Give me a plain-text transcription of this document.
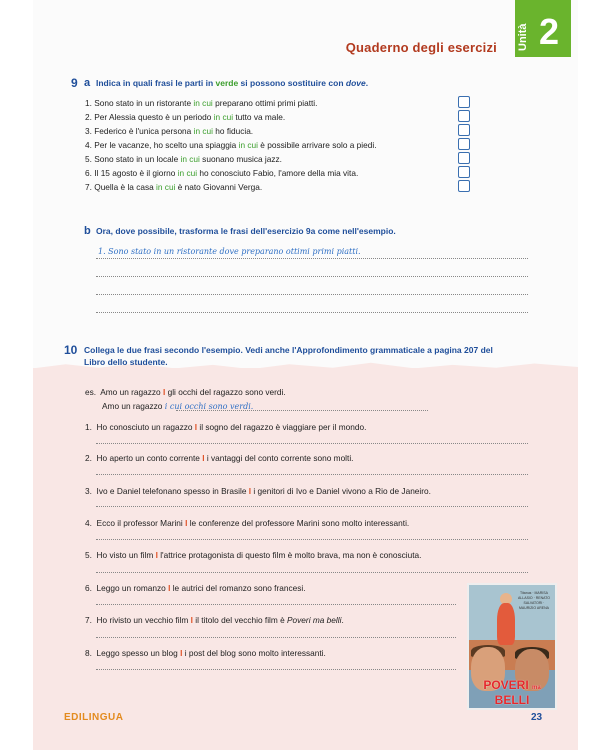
Quaderno degli esercizi Unità 2
9 a Indica in quali frasi le parti in verde si possono sostituire con dove.
1. Sono stato in un ristorante in cui preparano ottimi primi piatti.
2. Per Alessia questo è un periodo in cui tutto va male.
3. Federico è l'unica persona in cui ho fiducia.
4. Per le vacanze, ho scelto una spiaggia in cui è possibile arrivare solo a piedi.
5. Sono stato in un locale in cui suonano musica jazz.
6. Il 15 agosto è il giorno in cui ho conosciuto Fabio, l'amore della mia vita.
7. Quella è la casa in cui è nato Giovanni Verga.
b Ora, dove possibile, trasforma le frasi dell'esercizio 9a come nell'esempio.
1. Sono stato in un ristorante dove preparano ottimi primi piatti.
10 Collega le due frasi secondo l'esempio. Vedi anche l'Approfondimento grammaticale a pagina 207 del
Libro dello studente.
es. Amo un ragazzo I gli occhi del ragazzo sono verdi.
Amo un ragazzo i cui occhi sono verdi.
1. Ho conosciuto un ragazzo I il sogno del ragazzo è viaggiare per il mondo.
2. Ho aperto un conto corrente I i vantaggi del conto corrente sono molti.
3. Ivo e Daniel telefonano spesso in Brasile I i genitori di Ivo e Daniel vivono a Rio de Janeiro.
4. Ecco il professor Marini I le conferenze del professore Marini sono molto interessanti.
5. Ho visto un film I l'attrice protagonista di questo film è molto brava, ma non è conosciuta.
6. Leggo un romanzo I le autrici del romanzo sono francesi.
7. Ho rivisto un vecchio film I il titolo del vecchio film è Poveri ma belli.
8. Leggo spesso un blog I i post del blog sono molto interessanti.
Titanus · MARISA ALLASIO · RENATO SALVATORI · MAURIZIO ARENA
POVERI ma BELLI
EDILINGUA	23
